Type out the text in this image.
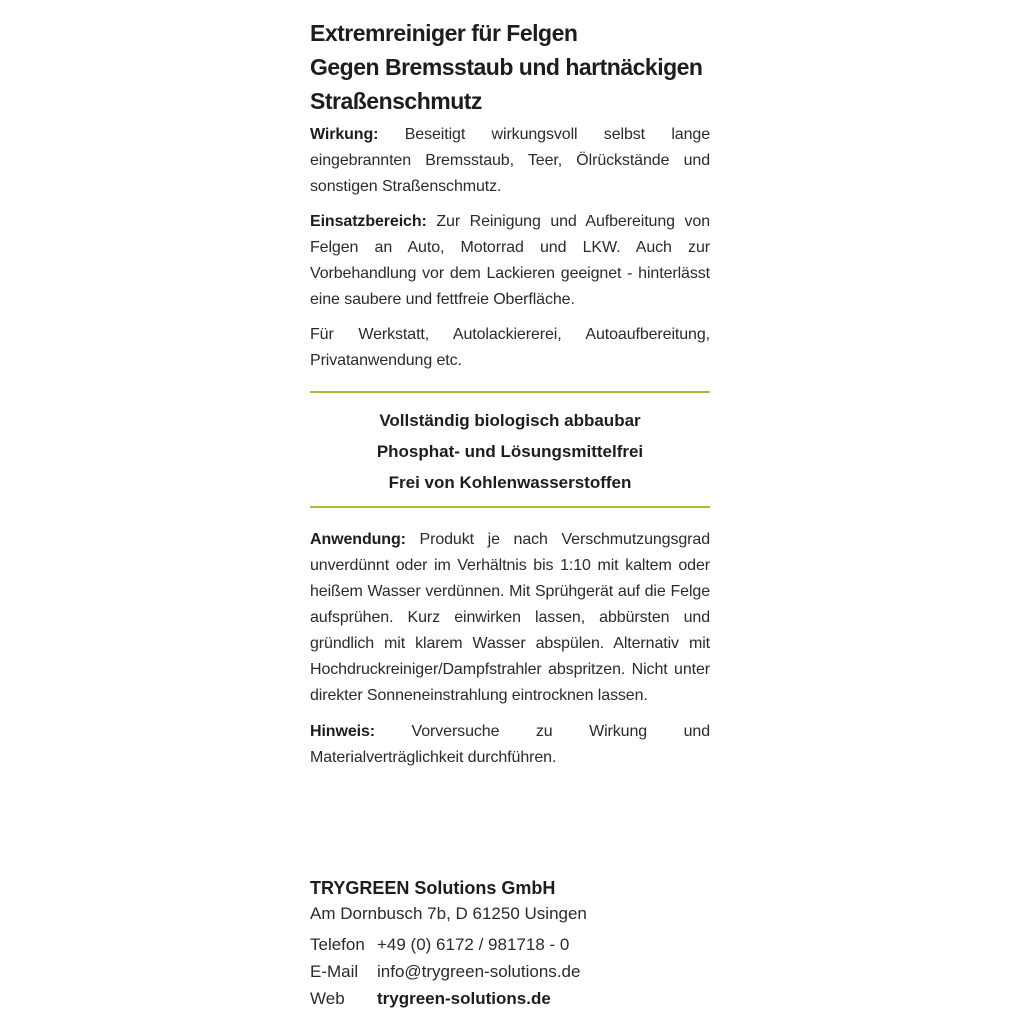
Extremreiniger für Felgen
Gegen Bremsstaub und hartnäckigen
Straßenschmutz
Wirkung: Beseitigt wirkungsvoll selbst lange eingebrannten Bremsstaub, Teer, Ölrückstände und sonstigen Straßenschmutz.
Einsatzbereich: Zur Reinigung und Aufbereitung von Felgen an Auto, Motorrad und LKW. Auch zur Vorbehandlung vor dem Lackieren geeignet - hinterlässt eine saubere und fettfreie Oberfläche.
Für Werkstatt, Autolackiererei, Autoaufbereitung, Privatanwendung etc.
Vollständig biologisch abbaubar
Phosphat- und Lösungsmittelfrei
Frei von Kohlenwasserstoffen
Anwendung: Produkt je nach Verschmutzungsgrad unverdünnt oder im Verhältnis bis 1:10 mit kaltem oder heißem Wasser verdünnen. Mit Sprühgerät auf die Felge aufsprühen. Kurz einwirken lassen, abbürsten und gründlich mit klarem Wasser abspülen. Alternativ mit Hochdruckreiniger/Dampfstrahler abspritzen. Nicht unter direkter Sonneneinstrahlung eintrocknen lassen.
Hinweis: Vorversuche zu Wirkung und Materialverträglichkeit durchführen.
TRYGREEN Solutions GmbH
Am Dornbusch 7b, D 61250 Usingen
Telefon +49 (0) 6172 / 981718 - 0
E-Mail	info@trygreen-solutions.de
Web	trygreen-solutions.de
